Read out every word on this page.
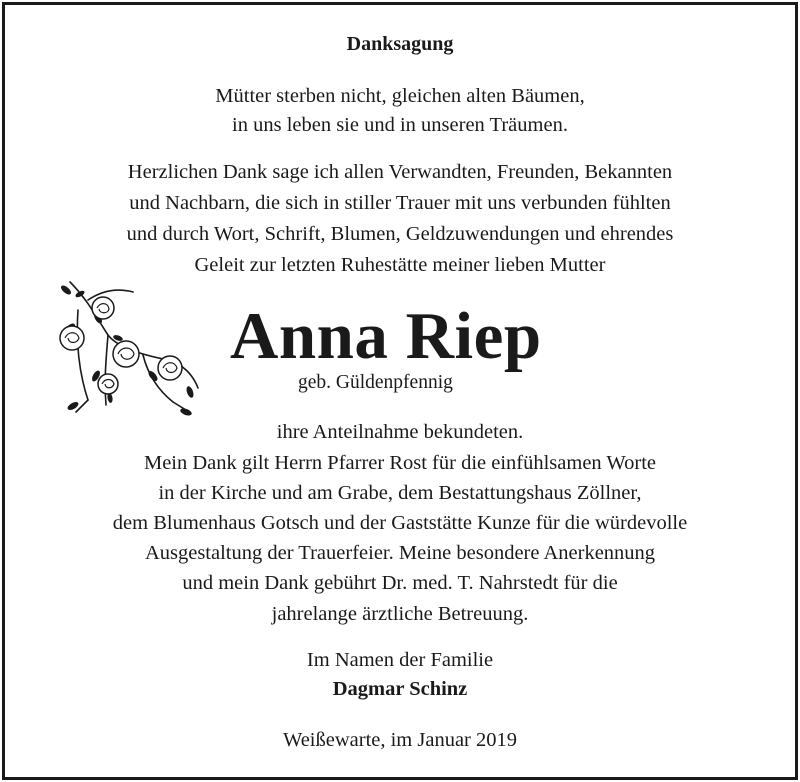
Danksagung
Mütter sterben nicht, gleichen alten Bäumen,
in uns leben sie und in unseren Träumen.
Herzlichen Dank sage ich allen Verwandten, Freunden, Bekannten
und Nachbarn, die sich in stiller Trauer mit uns verbunden fühlten
und durch Wort, Schrift, Blumen, Geldzuwendungen und ehrendes
Geleit zur letzten Ruhestätte meiner lieben Mutter
Anna Riep
geb. Güldenpfennig
ihre Anteilnahme bekundeten.
Mein Dank gilt Herrn Pfarrer Rost für die einfühlsamen Worte
in der Kirche und am Grabe, dem Bestattungshaus Zöllner,
dem Blumenhaus Gotsch und der Gaststätte Kunze für die würdevolle
Ausgestaltung der Trauerfeier. Meine besondere Anerkennung
und mein Dank gebührt Dr. med. T. Nahrstedt für die
jahrelange ärztliche Betreuung.
Im Namen der Familie
Dagmar Schinz
Weißewarte, im Januar 2019
